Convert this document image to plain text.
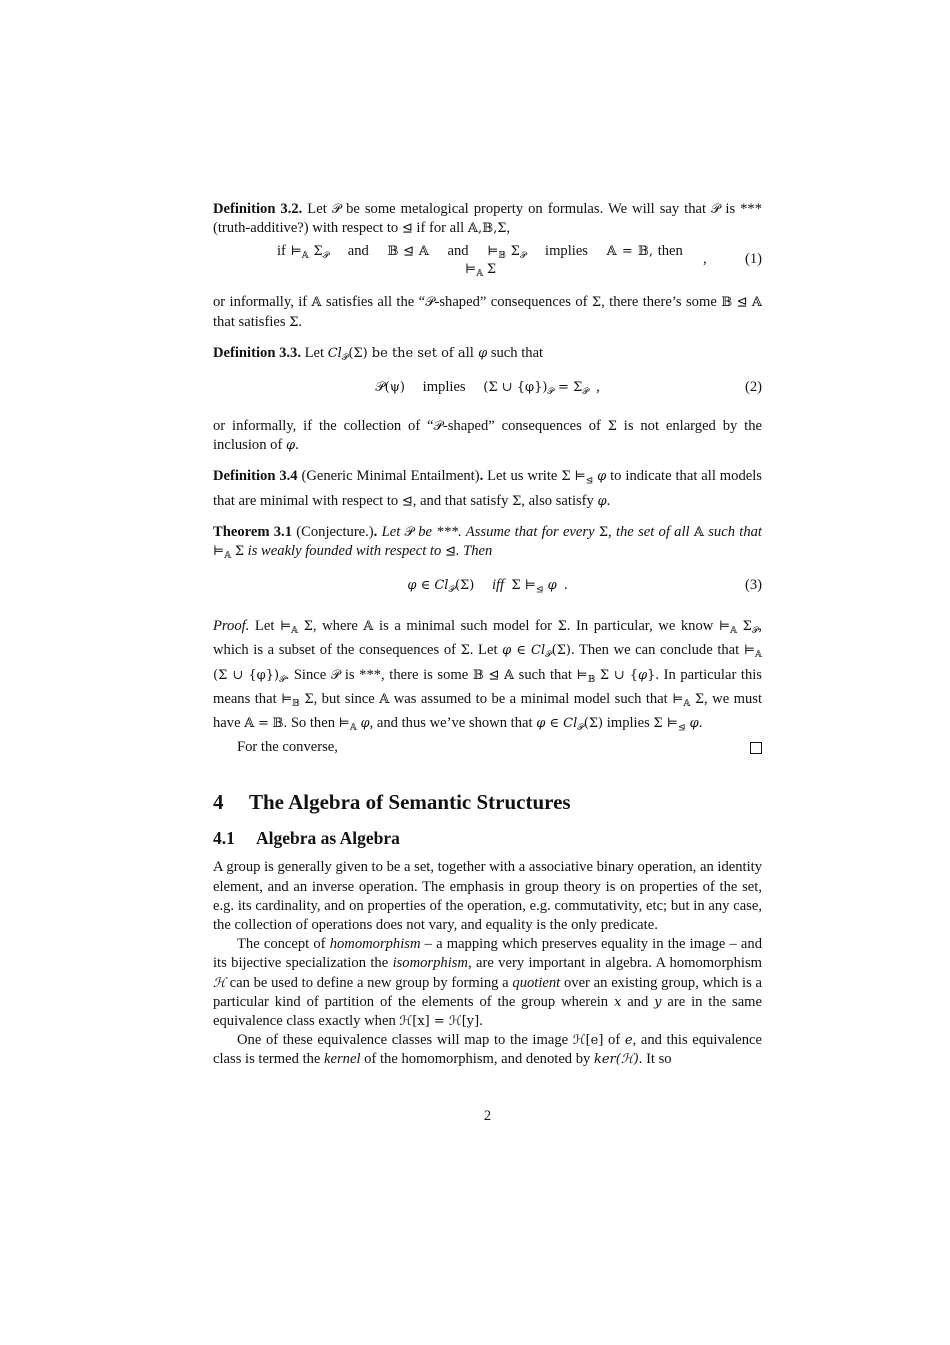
Definition 3.2. Let 𝒫 be some metalogical property on formulas. We will say that 𝒫 is *** (truth-additive?) with respect to ⊴ if for all 𝔸,𝔹,Σ,

if $⊨_𝔸$ $\Sigma_𝒫$ and 𝔹 ⊴ 𝔸 and $⊨_𝔹$ $\Sigma_𝒫$ implies 𝔸 = 𝔹, then
$⊨_𝔸$ Σ
,	(1)

or informally, if 𝔸 satisfies all the “𝒫-shaped” consequences of Σ, there there’s some 𝔹 ⊴ 𝔸 that satisfies Σ.

Definition 3.3. Let $Cl_𝒫(\Sigma)$ be the set of all φ such that

𝒫(ψ) implies (Σ ∪ $\{\varphi\})_𝒫 = \Sigma_𝒫$ ,	(2)

or informally, if the collection of “𝒫-shaped” consequences of Σ is not enlarged by the inclusion of φ.

Definition 3.4 (Generic Minimal Entailment). Let us write Σ $⊨_⊴$ φ to indicate that all models that are minimal with respect to ⊴, and that satisfy Σ, also satisfy φ.

Theorem 3.1 (Conjecture.). Let 𝒫 be ***. Assume that for every Σ, the set of all 𝔸 such that $⊨_𝔸$ Σ is weakly founded with respect to ⊴. Then

φ ∈ $Cl_𝒫(\Sigma)$ iff Σ $⊨_⊴$ φ .	(3)

Proof. Let $⊨_𝔸$ Σ, where 𝔸 is a minimal such model for Σ. In particular, we know $⊨_𝔸$ $\Sigma_𝒫$, which is a subset of the consequences of Σ. Let φ ∈ $Cl_𝒫(\Sigma)$. Then we can conclude that $⊨_𝔸$ (Σ ∪ $\{\varphi\})_𝒫$. Since 𝒫 is ***, there is some 𝔹 ⊴ 𝔸 such that $⊨_𝔹$ Σ ∪ {φ}. In particular this means that $⊨_𝔹$ Σ, but since 𝔸 was assumed to be a minimal model such that $⊨_𝔸$ Σ, we must have 𝔸 = 𝔹. So then $⊨_𝔸$ φ, and thus we’ve shown that φ ∈ $Cl_𝒫(\Sigma)$ implies Σ $⊨_⊴$ φ.

For the converse,

4 The Algebra of Semantic Structures
4.1 Algebra as Algebra

A group is generally given to be a set, together with a associative binary operation, an identity element, and an inverse operation. The emphasis in group theory is on properties of the set, e.g. its cardinality, and on properties of the operation, e.g. commutativity, etc; but in any case, the collection of operations does not vary, and equality is the only predicate.

The concept of homomorphism – a mapping which preserves equality in the image – and its bijective specialization the isomorphism, are very important in algebra. A homomorphism ℋ can be used to define a new group by forming a quotient over an existing group, which is a particular kind of partition of the elements of the group wherein x and y are in the same equivalence class exactly when ℋ[x] = ℋ[y].

One of these equivalence classes will map to the image ℋ[e] of e, and this equivalence class is termed the kernel of the homomorphism, and denoted by ker(ℋ). It so

2
